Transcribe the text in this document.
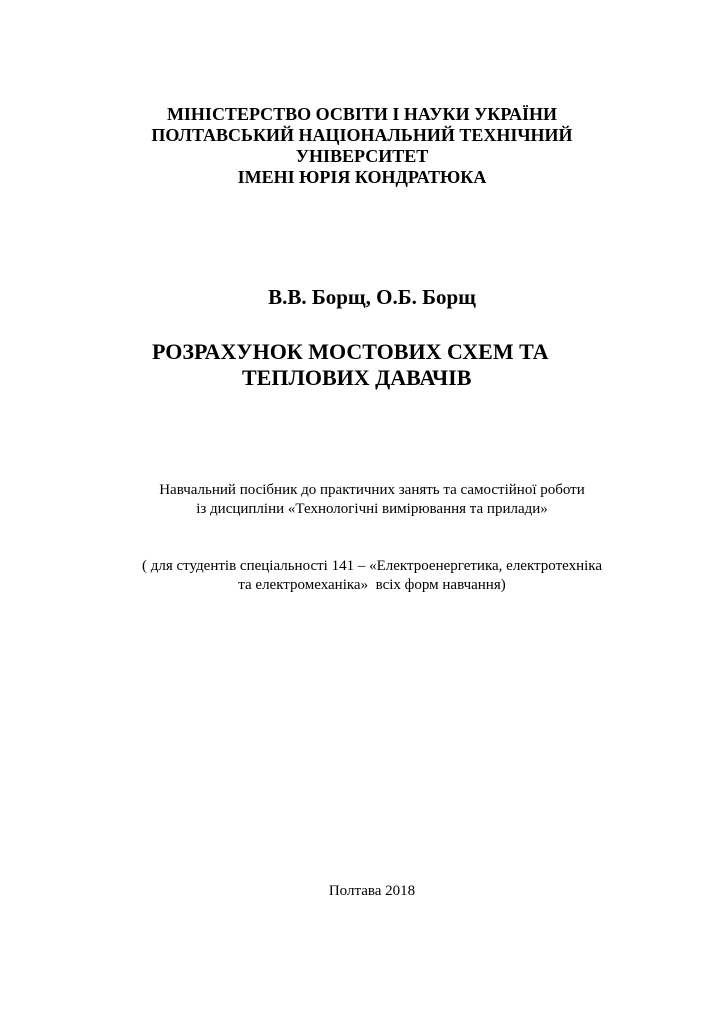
МІНІСТЕРСТВО ОСВІТИ І НАУКИ УКРАЇНИ
ПОЛТАВСЬКИЙ НАЦІОНАЛЬНИЙ ТЕХНІЧНИЙ
УНІВЕРСИТЕТ
ІМЕНІ ЮРІЯ КОНДРАТЮКА
В.В. Борщ, О.Б. Борщ
РОЗРАХУНОК МОСТОВИХ СХЕМ ТА
ТЕПЛОВИХ ДАВАЧІВ
Навчальний посібник до практичних занять та самостійної роботи
із дисципліни «Технологічні вимірювання та прилади»
( для студентів спеціальності 141 – «Електроенергетика, електротехніка
та електромеханіка»  всіх форм навчання)
Полтава 2018
